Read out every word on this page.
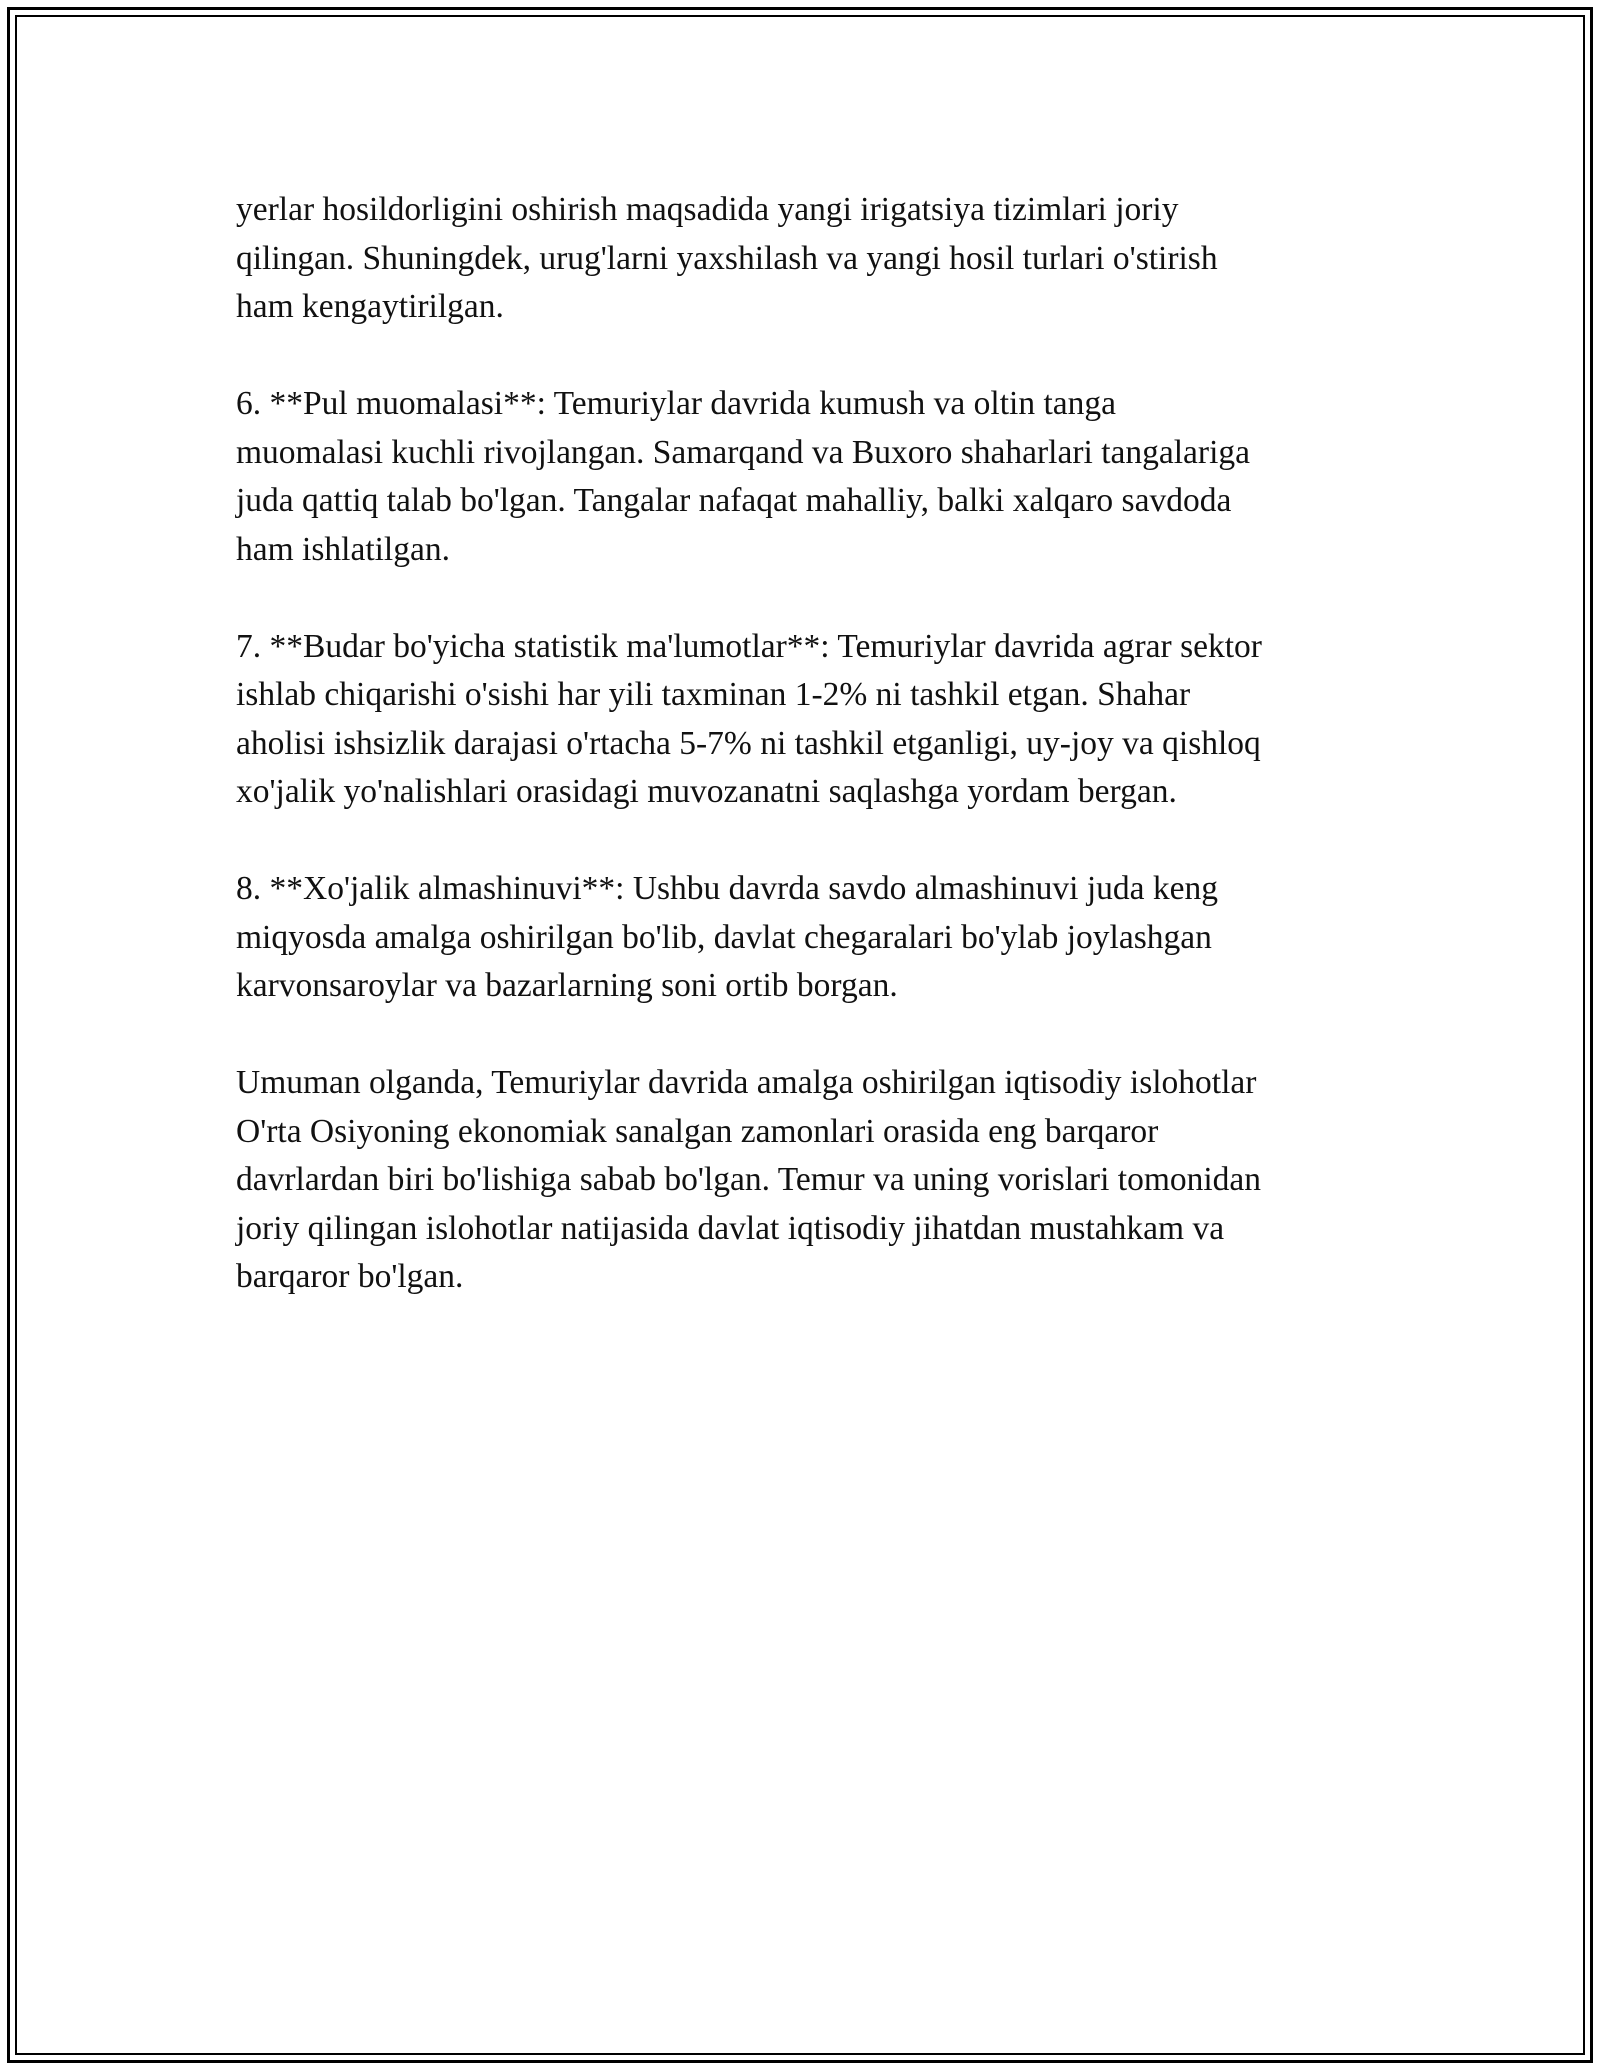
yerlar hosildorligini oshirish maqsadida yangi irigatsiya tizimlari joriy
qilingan. Shuningdek, urug'larni yaxshilash va yangi hosil turlari o'stirish
ham kengaytirilgan.

6. **Pul muomalasi**: Temuriylar davrida kumush va oltin tanga
muomalasi kuchli rivojlangan. Samarqand va Buxoro shaharlari tangalariga
juda qattiq talab bo'lgan. Tangalar nafaqat mahalliy, balki xalqaro savdoda
ham ishlatilgan.

7. **Budar bo'yicha statistik ma'lumotlar**: Temuriylar davrida agrar sektor
ishlab chiqarishi o'sishi har yili taxminan 1-2% ni tashkil etgan. Shahar
aholisi ishsizlik darajasi o'rtacha 5-7% ni tashkil etganligi, uy-joy va qishloq
xo'jalik yo'nalishlari orasidagi muvozanatni saqlashga yordam bergan.

8. **Xo'jalik almashinuvi**: Ushbu davrda savdo almashinuvi juda keng
miqyosda amalga oshirilgan bo'lib, davlat chegaralari bo'ylab joylashgan
karvonsaroylar va bazarlarning soni ortib borgan.

Umuman olganda, Temuriylar davrida amalga oshirilgan iqtisodiy islohotlar
O'rta Osiyoning ekonomiak sanalgan zamonlari orasida eng barqaror
davrlardan biri bo'lishiga sabab bo'lgan. Temur va uning vorislari tomonidan
joriy qilingan islohotlar natijasida davlat iqtisodiy jihatdan mustahkam va
barqaror bo'lgan.
